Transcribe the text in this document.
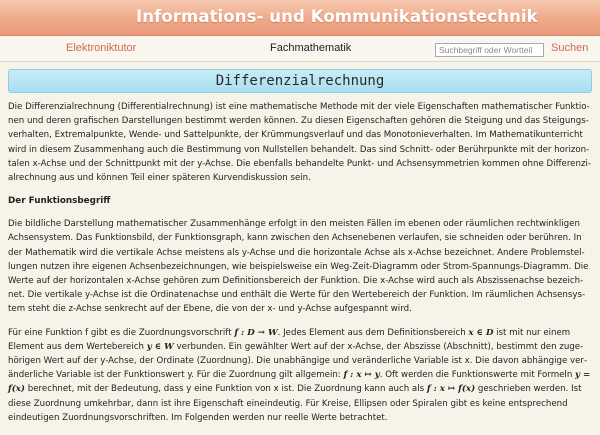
Informations- und Kommunikationstechnik
Elektroniktutor	Fachmathematik
Suchbegriff oder Wortteil	Suchen
Differenzialrechnung

Die Differenzialrechnung (Differentialrechnung) ist eine mathematische Methode mit der viele Eigenschaften mathematischer Funktionen und deren grafischen Darstellungen bestimmt werden können. Zu diesen Eigenschaften gehören die Steigung und das Steigungsverhalten, Extremalpunkte, Wende- und Sattelpunkte, der Krümmungsverlauf und das Monotonieverhalten. Im Mathematikunterricht wird in diesem Zusammenhang auch die Bestimmung von Nullstellen behandelt. Das sind Schnitt- oder Berührpunkte mit der horizontalen x-Achse und der Schnittpunkt mit der y-Achse. Die ebenfalls behandelte Punkt- und Achsensymmetrien kommen ohne Differenzialrechnung aus und können Teil einer späteren Kurvendiskussion sein.

Der Funktionsbegriff

Die bildliche Darstellung mathematischer Zusammenhänge erfolgt in den meisten Fällen im ebenen oder räumlichen rechtwinkligen Achsensystem. Das Funktionsbild, der Funktionsgraph, kann zwischen den Achsenebenen verlaufen, sie schneiden oder berühren. In der Mathematik wird die vertikale Achse meistens als y-Achse und die horizontale Achse als x-Achse bezeichnet. Andere Problemstellungen nutzen ihre eigenen Achsenbezeichnungen, wie beispielsweise ein Weg-Zeit-Diagramm oder Strom-Spannungs-Diagramm. Die Werte auf der horizontalen x-Achse gehören zum Definitionsbereich der Funktion. Die x-Achse wird auch als Abszissenachse bezeichnet. Die vertikale y-Achse ist die Ordinatenachse und enthält die Werte für den Wertebereich der Funktion. Im räumlichen Achsensystem steht die z-Achse senkrecht auf der Ebene, die von der x- und y-Achse aufgespannt wird.

Für eine Funktion f gibt es die Zuordnungsvorschrift f : D → W. Jedes Element aus dem Definitionsbereich x ∈ D ist mit nur einem Element aus dem Wertebereich y ∈ W verbunden. Ein gewählter Wert auf der x-Achse, der Abszisse (Abschnitt), bestimmt den zugehörigen Wert auf der y-Achse, der Ordinate (Zuordnung). Die unabhängige und veränderliche Variable ist x. Die davon abhängige veränderliche Variable ist der Funktionswert y. Für die Zuordnung gilt allgemein: f : x ↦ y. Oft werden die Funktionswerte mit Formeln y = f(x) berechnet, mit der Bedeutung, dass y eine Funktion von x ist. Die Zuordnung kann auch als f : x ↦ f(x) geschrieben werden. Ist diese Zuordnung umkehrbar, dann ist ihre Eigenschaft eineindeutig. Für Kreise, Ellipsen oder Spiralen gibt es keine entsprechend eindeutigen Zuordnungsvorschriften. Im Folgenden werden nur reelle Werte betrachtet.
